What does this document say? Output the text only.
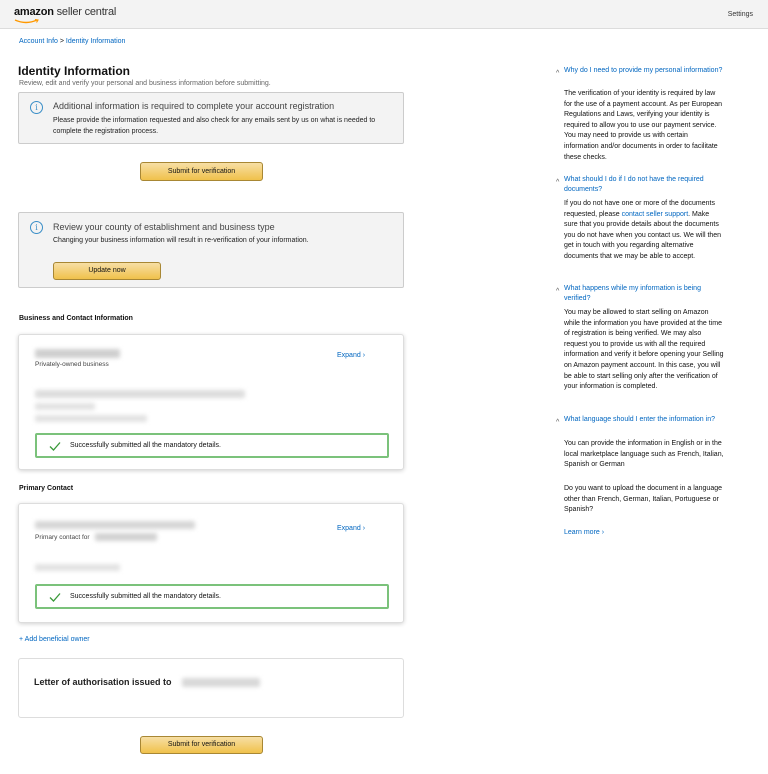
amazon seller central	Settings
Account Info > Identity Information
Identity Information
Review, edit and verify your personal and business information before submitting.
i	Additional information is required to complete your account registration
Please provide the information requested and also check for any emails sent by us on what is needed to complete the registration process.
Submit for verification
i	Review your county of establishment and business type
Changing your business information will result in re-verification of your information.
Update now
Business and Contact Information
Privately-owned business
Expand ›
Successfully submitted all the mandatory details.
Primary Contact
Primary contact for
Expand ›
Successfully submitted all the mandatory details.
+ Add beneficial owner
Letter of authorisation issued to
Submit for verification
^ Why do I need to provide my personal information?
The verification of your identity is required by law for the use of a payment account. As per European Regulations and Laws, verifying your identity is required to allow you to use our payment service. You may need to provide us with certain information and/or documents in order to facilitate these checks.
^ What should I do if I do not have the required documents?
If you do not have one or more of the documents requested, please contact seller support. Make sure that you provide details about the documents you do not have when you contact us. We will then get in touch with you regarding alternative documents that we may be able to accept.
^ What happens while my information is being verified?
You may be allowed to start selling on Amazon while the information you have provided at the time of registration is being verified. We may also request you to provide us with all the required information and verify it before opening your Selling on Amazon payment account. In this case, you will be able to start selling only after the verification of your information is completed.
^ What language should I enter the information in?
You can provide the information in English or in the local marketplace language such as French, Italian, Spanish or German
Do you want to upload the document in a language other than French, German, Italian, Portuguese or Spanish?
Learn more ›
